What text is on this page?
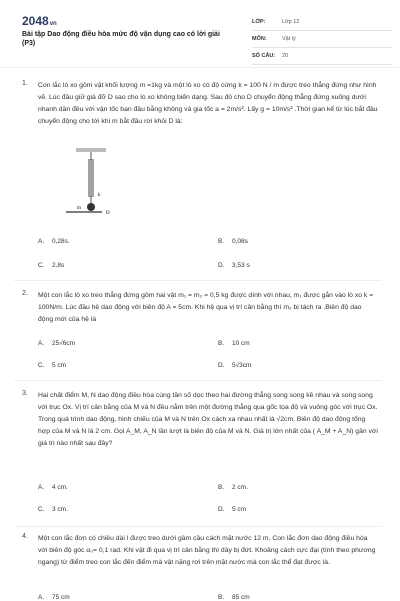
2048vn
Bài tập Dao động điều hòa mức độ vận dụng cao có lời giải (P3)
LỚP:	Lớp 12
MÔN:	Vật lý
SỐ CÂU:	20
1. Con lắc lò xo gồm vật khối lượng m =1kg và một lò xo có độ cứng k = 100 N / m được treo thẳng đứng như hình vẽ. Lúc đầu giữ giá đỡ D sao cho lò xo không biến dạng. Sau đó cho D chuyển động thẳng đứng xuống dưới nhanh dần đều với vận tốc ban đầu bằng không và gia tốc a = 2m/s². Lấy g = 10m/s² .Thời gian kể từ lúc bắt đầu chuyển động cho tới khi m bắt đầu rời khỏi D là:
k
m
D
A.	0,28s.	B.	0,08s
C.	2,8s	D.	3,53 s
2. Một con lắc lò xo treo thẳng đứng gồm hai vật m₁ = m₂ = 0,5 kg được dính với nhau, m₁ được gắn vào lò xo k = 100N/m. Lúc đầu hệ dao động với biên độ A = 5cm. Khi hệ qua vị trí cân bằng thì m₂ bị tách ra .Biên độ dao động mới của hệ là
A.	25√6cm	B.	10 cm
C.	5 cm	D.	5√3cm
3. Hai chất điểm M, N dao động điều hòa cùng tần số dọc theo hai đường thẳng song song kề nhau và song song với trục Ox. Vị trí cân bằng của M và N đều nằm trên một đường thẳng qua gốc tọa độ và vuông góc với trục Ox. Trong quá trình dao động, hình chiếu của M và N trên Ox cách xa nhau nhất là √2cm. Biên độ dao động tổng hợp của M và N là 2 cm. Gọi A_M, A_N lần lượt là biên độ của M và N. Giá trị lớn nhất của ( A_M + A_N) gần với giá trị nào nhất sau đây?
A.	4 cm.	B.	2 cm.
C.	3 cm.	D.	5 cm
4. Một con lắc đơn có chiều dài l được treo dưới gầm cầu cách mặt nước 12 m. Con lắc đơn dao động điều hòa với biên độ góc α₀= 0,1 rad. Khi vật đi qua vị trí cân bằng thì dây bị đứt. Khoảng cách cực đại (tính theo phương ngang) từ điểm treo con lắc đến điểm mà vật nặng rơi trên mặt nước mà con lắc thể đạt được là.
A.	75 cm	B.	85 cm
